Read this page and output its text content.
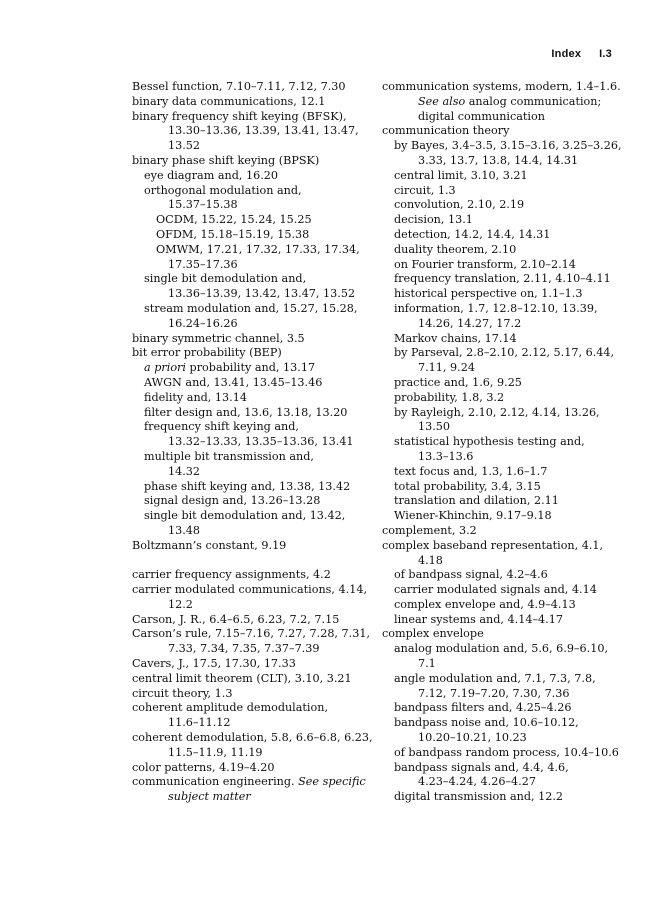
Index I.3
Bessel function, 7.10–7.11, 7.12, 7.30
binary data communications, 12.1
binary frequency shift keying (BFSK),
13.30–13.36, 13.39, 13.41, 13.47,
13.52
binary phase shift keying (BPSK)
eye diagram and, 16.20
orthogonal modulation and,
15.37–15.38
OCDM, 15.22, 15.24, 15.25
OFDM, 15.18–15.19, 15.38
OMWM, 17.21, 17.32, 17.33, 17.34,
17.35–17.36
single bit demodulation and,
13.36–13.39, 13.42, 13.47, 13.52
stream modulation and, 15.27, 15.28,
16.24–16.26
binary symmetric channel, 3.5
bit error probability (BEP)
a priori probability and, 13.17
AWGN and, 13.41, 13.45–13.46
fidelity and, 13.14
filter design and, 13.6, 13.18, 13.20
frequency shift keying and,
13.32–13.33, 13.35–13.36, 13.41
multiple bit transmission and,
14.32
phase shift keying and, 13.38, 13.42
signal design and, 13.26–13.28
single bit demodulation and, 13.42,
13.48
Boltzmann’s constant, 9.19
carrier frequency assignments, 4.2
carrier modulated communications, 4.14,
12.2
Carson, J. R., 6.4–6.5, 6.23, 7.2, 7.15
Carson’s rule, 7.15–7.16, 7.27, 7.28, 7.31,
7.33, 7.34, 7.35, 7.37–7.39
Cavers, J., 17.5, 17.30, 17.33
central limit theorem (CLT), 3.10, 3.21
circuit theory, 1.3
coherent amplitude demodulation,
11.6–11.12
coherent demodulation, 5.8, 6.6–6.8, 6.23,
11.5–11.9, 11.19
color patterns, 4.19–4.20
communication engineering. See specific
subject matter
communication systems, modern, 1.4–1.6.
See also analog communication;
digital communication
communication theory
by Bayes, 3.4–3.5, 3.15–3.16, 3.25–3.26,
3.33, 13.7, 13.8, 14.4, 14.31
central limit, 3.10, 3.21
circuit, 1.3
convolution, 2.10, 2.19
decision, 13.1
detection, 14.2, 14.4, 14.31
duality theorem, 2.10
on Fourier transform, 2.10–2.14
frequency translation, 2.11, 4.10–4.11
historical perspective on, 1.1–1.3
information, 1.7, 12.8–12.10, 13.39,
14.26, 14.27, 17.2
Markov chains, 17.14
by Parseval, 2.8–2.10, 2.12, 5.17, 6.44,
7.11, 9.24
practice and, 1.6, 9.25
probability, 1.8, 3.2
by Rayleigh, 2.10, 2.12, 4.14, 13.26,
13.50
statistical hypothesis testing and,
13.3–13.6
text focus and, 1.3, 1.6–1.7
total probability, 3.4, 3.15
translation and dilation, 2.11
Wiener-Khinchin, 9.17–9.18
complement, 3.2
complex baseband representation, 4.1,
4.18
of bandpass signal, 4.2–4.6
carrier modulated signals and, 4.14
complex envelope and, 4.9–4.13
linear systems and, 4.14–4.17
complex envelope
analog modulation and, 5.6, 6.9–6.10,
7.1
angle modulation and, 7.1, 7.3, 7.8,
7.12, 7.19–7.20, 7.30, 7.36
bandpass filters and, 4.25–4.26
bandpass noise and, 10.6–10.12,
10.20–10.21, 10.23
of bandpass random process, 10.4–10.6
bandpass signals and, 4.4, 4.6,
4.23–4.24, 4.26–4.27
digital transmission and, 12.2
